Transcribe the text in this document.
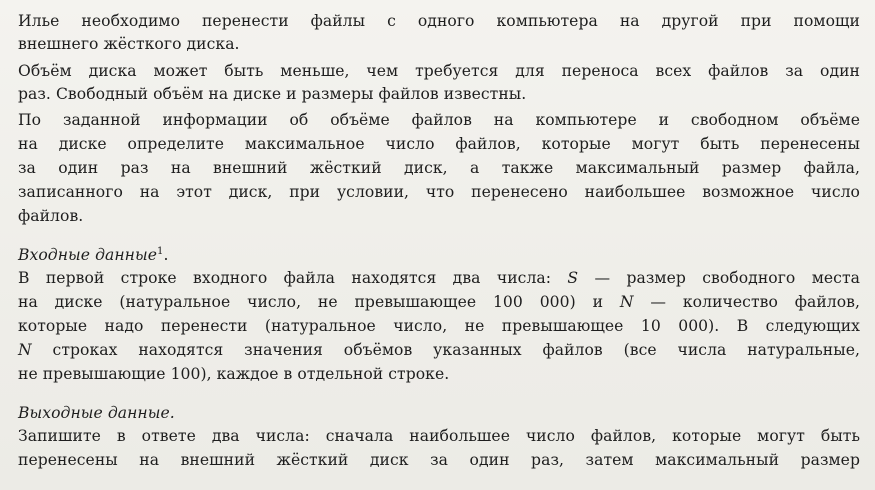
Илье необходимо перенести файлы с одного компьютера на другой при помощи
внешнего жёсткого диска.
Объём диска может быть меньше, чем требуется для переноса всех файлов за один
раз. Свободный объём на диске и размеры файлов известны.
По заданной информации об объёме файлов на компьютере и свободном объёме
на диске определите максимальное число файлов, которые могут быть перенесены
за один раз на внешний жёсткий диск, а также максимальный размер файла,
записанного на этот диск, при условии, что перенесено наибольшее возможное число
файлов.
Входные данные$^1$.
В первой строке входного файла находятся два числа: S — размер свободного места
на диске (натуральное число, не превышающее 100 000) и N — количество файлов,
которые надо перенести (натуральное число, не превышающее 10 000). В следующих
N строках находятся значения объёмов указанных файлов (все числа натуральные,
не превышающие 100), каждое в отдельной строке.
Выходные данные.
Запишите в ответе два числа: сначала наибольшее число файлов, которые могут быть
перенесены на внешний жёсткий диск за один раз, затем максимальный размер
